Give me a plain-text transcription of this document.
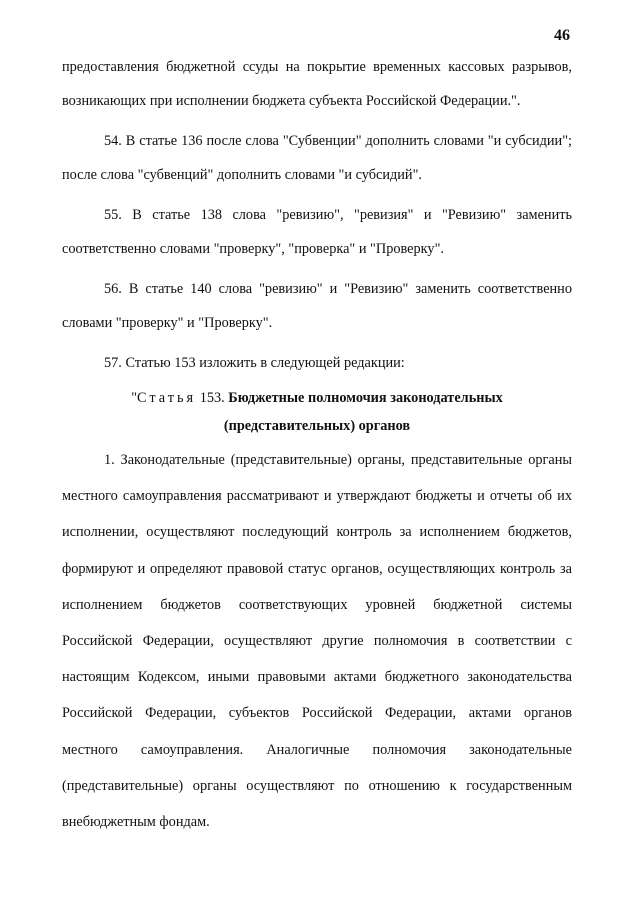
46

предоставления бюджетной ссуды на покрытие временных кассовых разрывов, возникающих при исполнении бюджета субъекта Российской Федерации.".

54. В статье 136 после слова "Субвенции" дополнить словами "и субсидии"; после слова "субвенций" дополнить словами "и субсидий".

55. В статье 138 слова "ревизию", "ревизия" и "Ревизию" заменить соответственно словами "проверку", "проверка" и "Проверку".

56. В статье 140 слова "ревизию" и "Ревизию" заменить соответственно словами "проверку" и "Проверку".

57. Статью 153 изложить в следующей редакции:

"Статья 153. Бюджетные полномочия законодательных
(представительных) органов

1. Законодательные (представительные) органы, представительные органы местного самоуправления рассматривают и утверждают бюджеты и отчеты об их исполнении, осуществляют последующий контроль за исполнением бюджетов, формируют и определяют правовой статус органов, осуществляющих контроль за исполнением бюджетов соответствующих уровней бюджетной системы Российской Федерации, осуществляют другие полномочия в соответствии с настоящим Кодексом, иными правовыми актами бюджетного законодательства Российской Федерации, субъектов Российской Федерации, актами органов местного самоуправления. Аналогичные полномочия законодательные (представительные) органы осуществляют по отношению к государственным внебюджетным фондам.
